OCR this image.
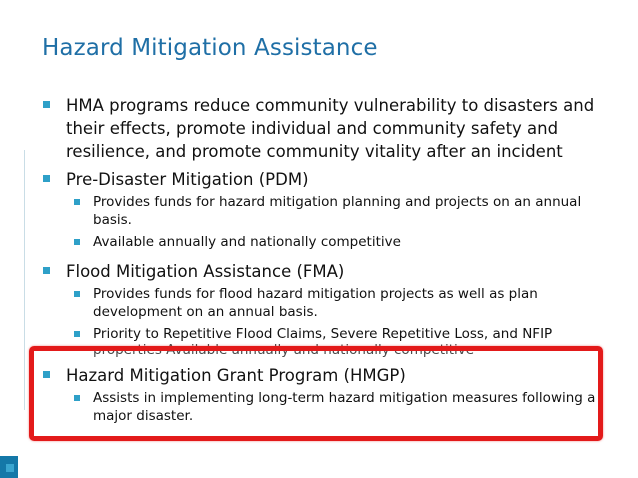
Hazard Mitigation Assistance
HMA programs reduce community vulnerability to disasters and
their effects, promote individual and community safety and
resilience, and promote community vitality after an incident
Pre-Disaster Mitigation (PDM)
Provides funds for hazard mitigation planning and projects on an annual
basis.
Available annually and nationally competitive
Flood Mitigation Assistance (FMA)
Provides funds for flood hazard mitigation projects as well as plan
development on an annual basis.
Priority to Repetitive Flood Claims, Severe Repetitive Loss, and NFIP
properties Available annually and nationally competitive
Hazard Mitigation Grant Program (HMGP)
Assists in implementing long-term hazard mitigation measures following a
major disaster.
